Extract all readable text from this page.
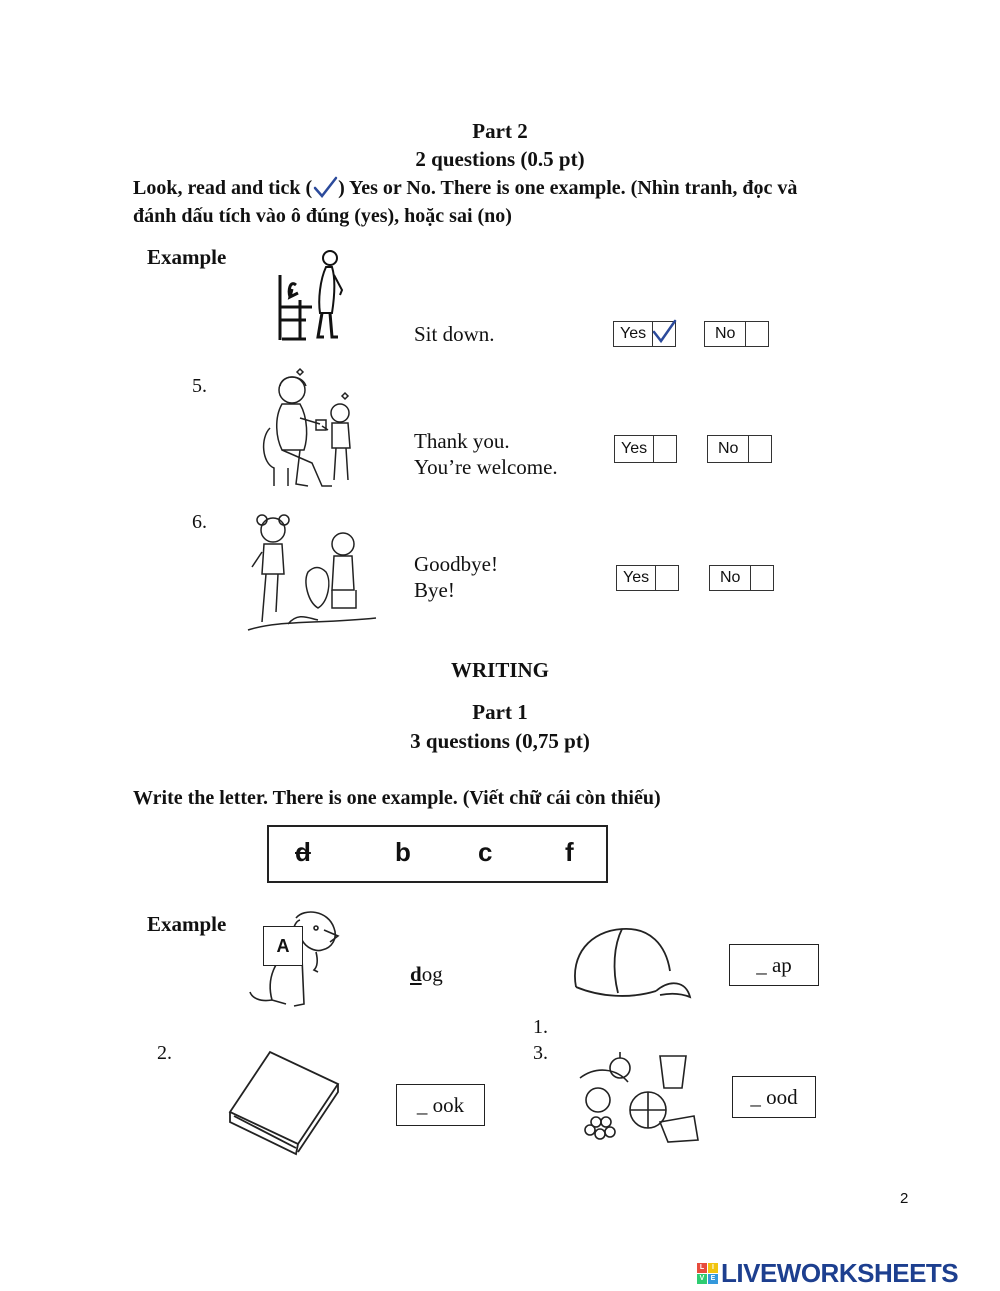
Part 2
2 questions (0.5 pt)
Look, read and tick ( ) Yes or No. There is one example. (Nhìn tranh, đọc và
đánh dấu tích vào ô đúng (yes), hoặc sai (no)
Example
Sit down.	Yes	No
5.
Thank you.
You’re welcome.
Yes	No
6.
Goodbye!
Bye!
Yes	No
WRITING
Part 1
3 questions (0,75 pt)
Write the letter. There is one example. (Viết chữ cái còn thiếu)
d	b	c	f
Example
A
dog	_ ap
1.
2.	3.
_ ook	_ ood
2
L	I
V E LIVEWORKSHEETS
